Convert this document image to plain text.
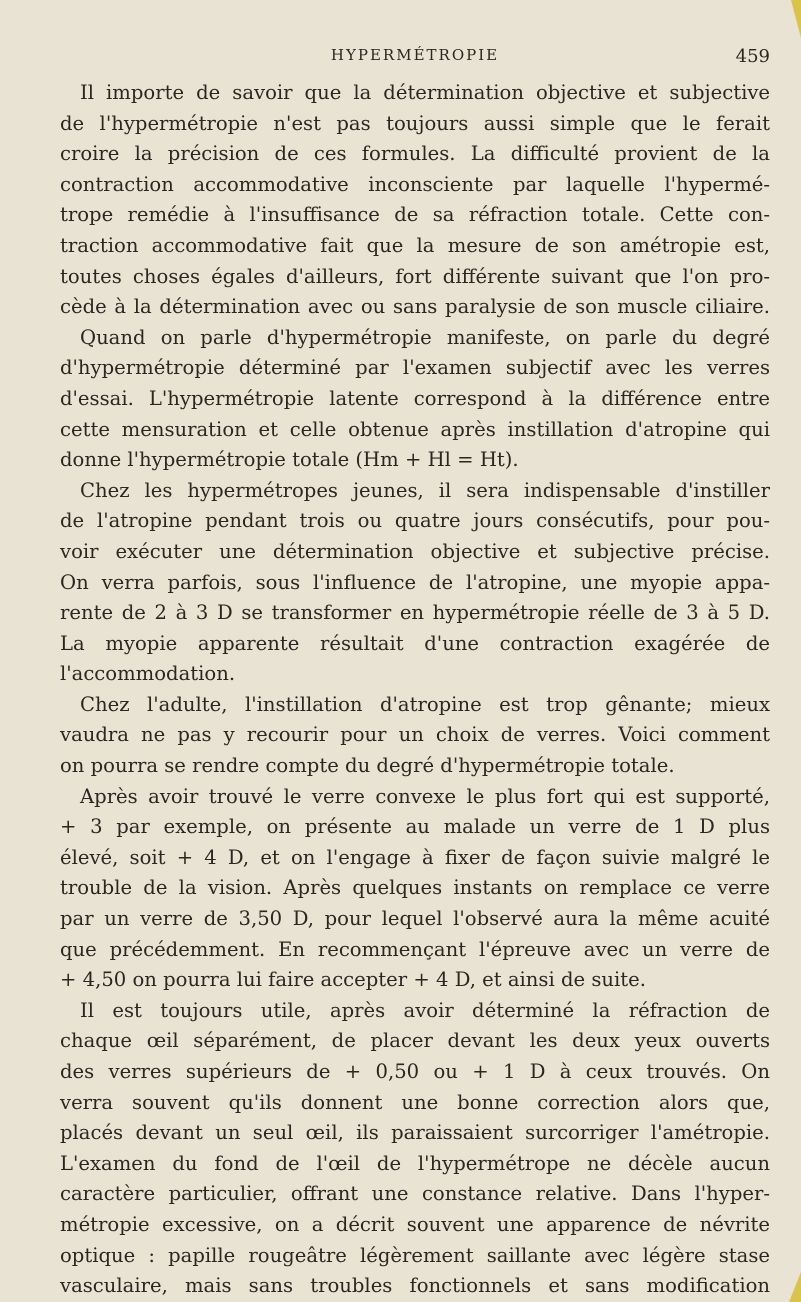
HYPERMÉTROPIE	459
Il importe de savoir que la détermination objective et subjective
de l'hypermétropie n'est pas toujours aussi simple que le ferait
croire la précision de ces formules. La difficulté provient de la
contraction accommodative inconsciente par laquelle l'hypermé-
trope remédie à l'insuffisance de sa réfraction totale. Cette con-
traction accommodative fait que la mesure de son amétropie est,
toutes choses égales d'ailleurs, fort différente suivant que l'on pro-
cède à la détermination avec ou sans paralysie de son muscle ciliaire.
Quand on parle d'hypermétropie manifeste, on parle du degré
d'hypermétropie déterminé par l'examen subjectif avec les verres
d'essai. L'hypermétropie latente correspond à la différence entre
cette mensuration et celle obtenue après instillation d'atropine qui
donne l'hypermétropie totale (Hm + Hl = Ht).
Chez les hypermétropes jeunes, il sera indispensable d'instiller
de l'atropine pendant trois ou quatre jours consécutifs, pour pou-
voir exécuter une détermination objective et subjective précise.
On verra parfois, sous l'influence de l'atropine, une myopie appa-
rente de 2 à 3 D se transformer en hypermétropie réelle de 3 à 5 D.
La myopie apparente résultait d'une contraction exagérée de
l'accommodation.
Chez l'adulte, l'instillation d'atropine est trop gênante; mieux
vaudra ne pas y recourir pour un choix de verres. Voici comment
on pourra se rendre compte du degré d'hypermétropie totale.
Après avoir trouvé le verre convexe le plus fort qui est supporté,
+ 3 par exemple, on présente au malade un verre de 1 D plus
élevé, soit + 4 D, et on l'engage à fixer de façon suivie malgré le
trouble de la vision. Après quelques instants on remplace ce verre
par un verre de 3,50 D, pour lequel l'observé aura la même acuité
que précédemment. En recommençant l'épreuve avec un verre de
+ 4,50 on pourra lui faire accepter + 4 D, et ainsi de suite.
Il est toujours utile, après avoir déterminé la réfraction de
chaque œil séparément, de placer devant les deux yeux ouverts
des verres supérieurs de + 0,50 ou + 1 D à ceux trouvés. On
verra souvent qu'ils donnent une bonne correction alors que,
placés devant un seul œil, ils paraissaient surcorriger l'amétropie.
L'examen du fond de l'œil de l'hypermétrope ne décèle aucun
caractère particulier, offrant une constance relative. Dans l'hyper-
métropie excessive, on a décrit souvent une apparence de névrite
optique : papille rougeâtre légèrement saillante avec légère stase
vasculaire, mais sans troubles fonctionnels et sans modification
